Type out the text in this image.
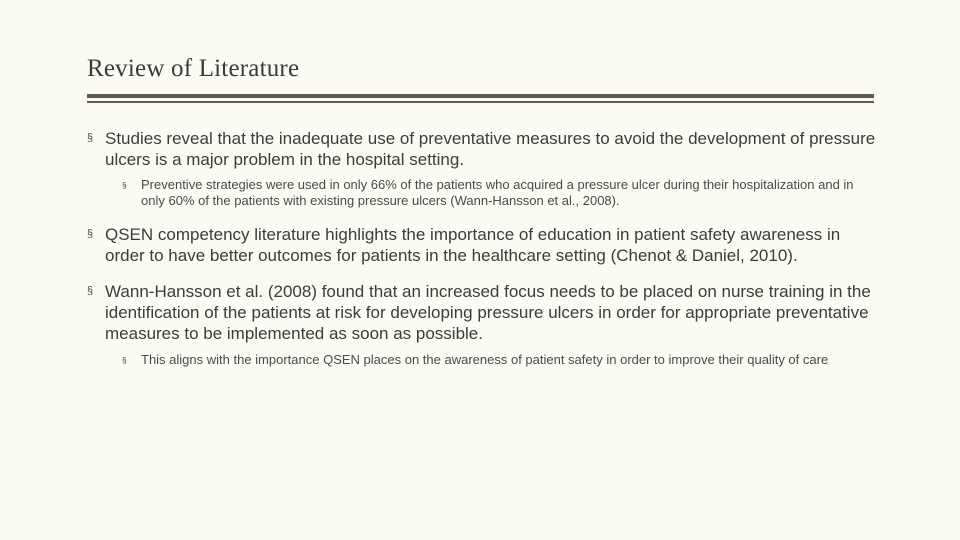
Review of Literature
§ Studies reveal that the inadequate use of preventative measures to avoid the development of pressure ulcers is a major problem in the hospital setting.
§ Preventive strategies were used in only 66% of the patients who acquired a pressure ulcer during their hospitalization and in only 60% of the patients with existing pressure ulcers (Wann-Hansson et al., 2008).
§ QSEN competency literature highlights the importance of education in patient safety awareness in order to have better outcomes for patients in the healthcare setting (Chenot & Daniel, 2010).
§ Wann-Hansson et al. (2008) found that an increased focus needs to be placed on nurse training in the identification of the patients at risk for developing pressure ulcers in order for appropriate preventative measures to be implemented as soon as possible.
§ This aligns with the importance QSEN places on the awareness of patient safety in order to improve their quality of care
